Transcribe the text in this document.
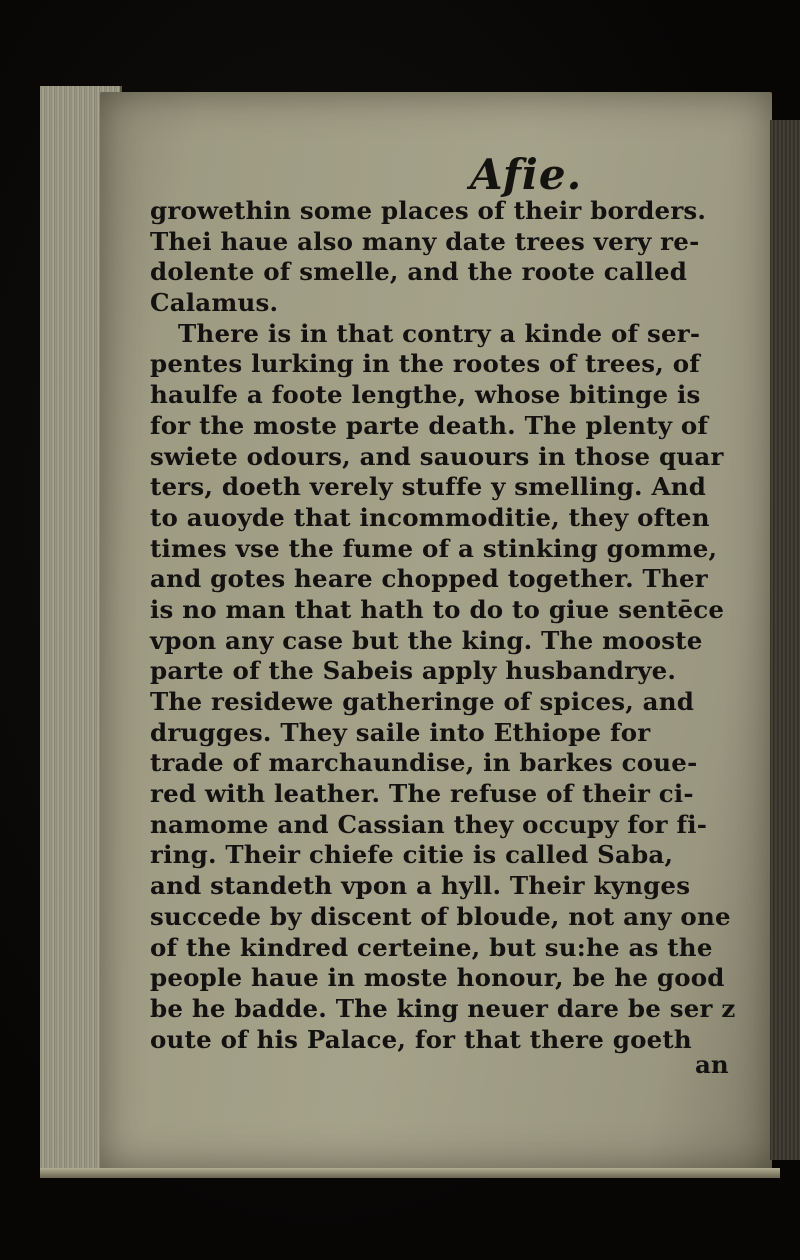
Afie.
growethin some places of their borders.
Thei haue also many date trees very re-
dolente of smelle, and the roote called
Calamus.
There is in that contry a kinde of ser-
pentes lurking in the rootes of trees, of
haulfe a foote lengthe, whose bitinge is
for the moste parte death. The plenty of
swiete odours, and sauours in those quar
ters, doeth verely stuffe y smelling. And
to auoyde that incommoditie, they often
times vse the fume of a stinking gomme,
and gotes heare chopped together. Ther
is no man that hath to do to giue sentēce
vpon any case but the king. The mooste
parte of the Sabeis apply husbandrye.
The residewe gatheringe of spices, and
drugges. They saile into Ethiope for
trade of marchaundise, in barkes coue-
red with leather. The refuse of their ci-
namome and Cassian they occupy for fi-
ring. Their chiefe citie is called Saba,
and standeth vpon a hyll. Their kynges
succede by discent of bloude, not any one
of the kindred certeine, but su:he as the
people haue in moste honour, be he good
be he badde. The king neuer dare be ser z
oute of his Palace, for that there goeth
an
